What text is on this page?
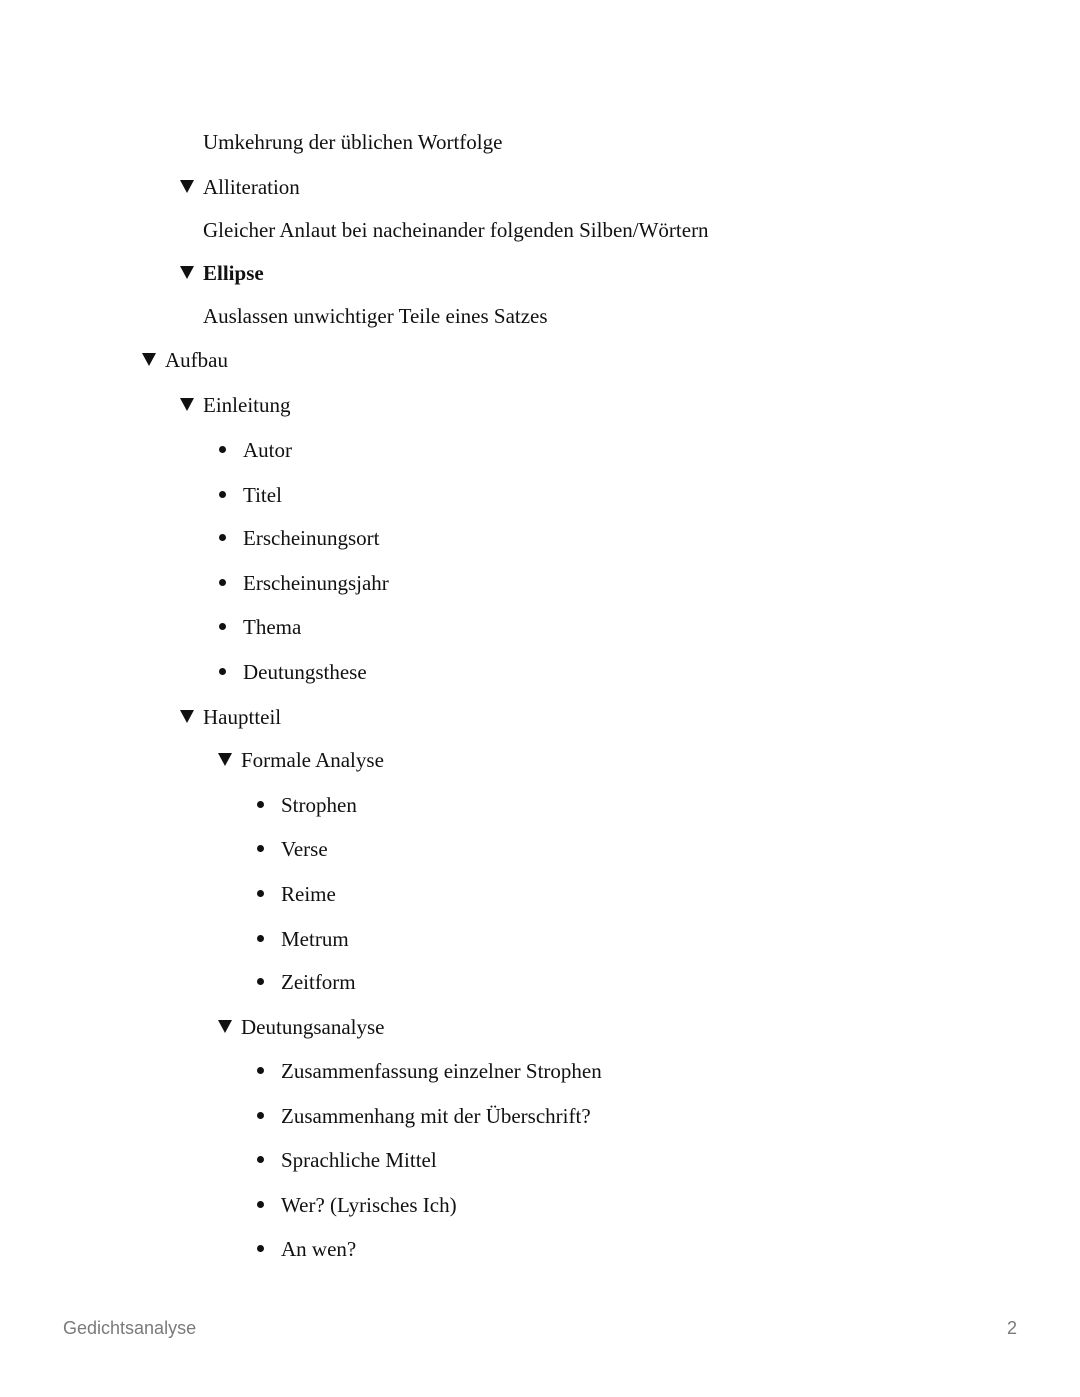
Umkehrung der üblichen Wortfolge
Alliteration
Gleicher Anlaut bei nacheinander folgenden Silben/Wörtern
Ellipse
Auslassen unwichtiger Teile eines Satzes
Aufbau
Einleitung
Autor
Titel
Erscheinungsort
Erscheinungsjahr
Thema
Deutungsthese
Hauptteil
Formale Analyse
Strophen
Verse
Reime
Metrum
Zeitform
Deutungsanalyse
Zusammenfassung einzelner Strophen
Zusammenhang mit der Überschrift?
Sprachliche Mittel
Wer? (Lyrisches Ich)
An wen?
Gedichtsanalyse	2
